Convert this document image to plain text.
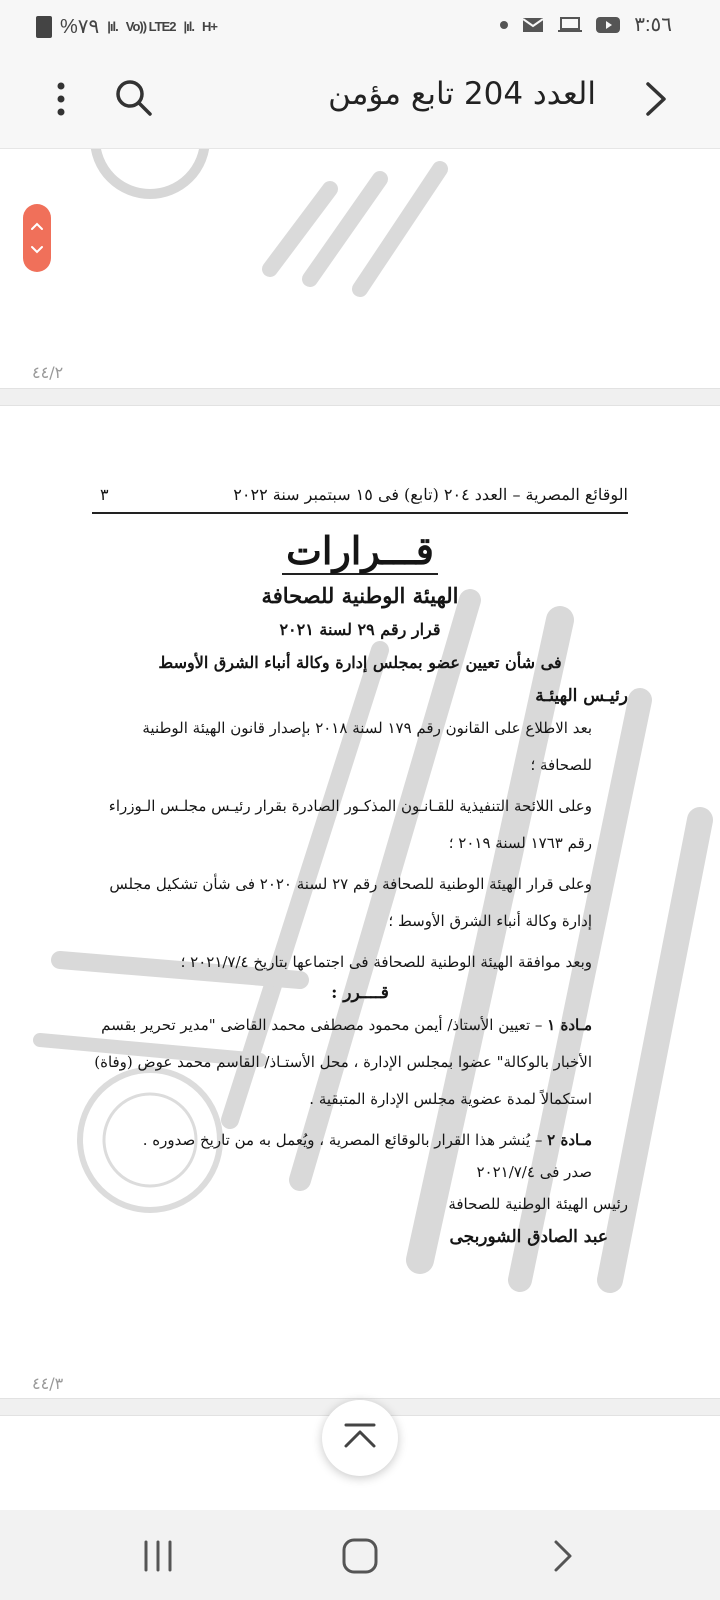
%٧٩ |ıl. Vo)) LTE2 |ıl. H+	٣:٥٦
العدد 204 تابع مؤمن
٤٤/٢
الوقائع المصرية – العدد ٢٠٤ (تابع) فى ١٥ سبتمبر سنة ٢٠٢٢
٣
قـــرارات
الهيئة الوطنية للصحافة
قرار رقم ٢٩ لسنة ٢٠٢١
فى شأن تعيين عضو بمجلس إدارة وكالة أنباء الشرق الأوسط
رئيـس الهيئـة
بعد الاطلاع على القانون رقم ١٧٩ لسنة ٢٠١٨ بإصدار قانون الهيئة الوطنية للصحافة ؛
وعلى اللائحة التنفيذية للقـانـون المذكـور الصادرة بقرار رئيـس مجلـس الـوزراء رقم ١٧٦٣ لسنة ٢٠١٩ ؛
وعلى قرار الهيئة الوطنية للصحافة رقم ٢٧ لسنة ٢٠٢٠ فى شأن تشكيل مجلس إدارة وكالة أنباء الشرق الأوسط ؛
وبعد موافقة الهيئة الوطنية للصحافة فى اجتماعها بتاريخ ٢٠٢١/٧/٤ ؛
قــــرر :
مـادة ١ – تعيين الأستاذ/ أيمن محمود مصطفى محمد القاضى "مدير تحرير بقسم الأخبار بالوكالة" عضوا بمجلس الإدارة ، محل الأستـاذ/ القاسم محمد عوض (وفاة) استكمالاً لمدة عضوية مجلس الإدارة المتبقية .
مـادة ٢ – يُنشر هذا القرار بالوقائع المصرية ، ويُعمل به من تاريخ صدوره .
صدر فى ٢٠٢١/٧/٤
رئيس الهيئة الوطنية للصحافة
عبد الصادق الشوربجى
٤٤/٣
